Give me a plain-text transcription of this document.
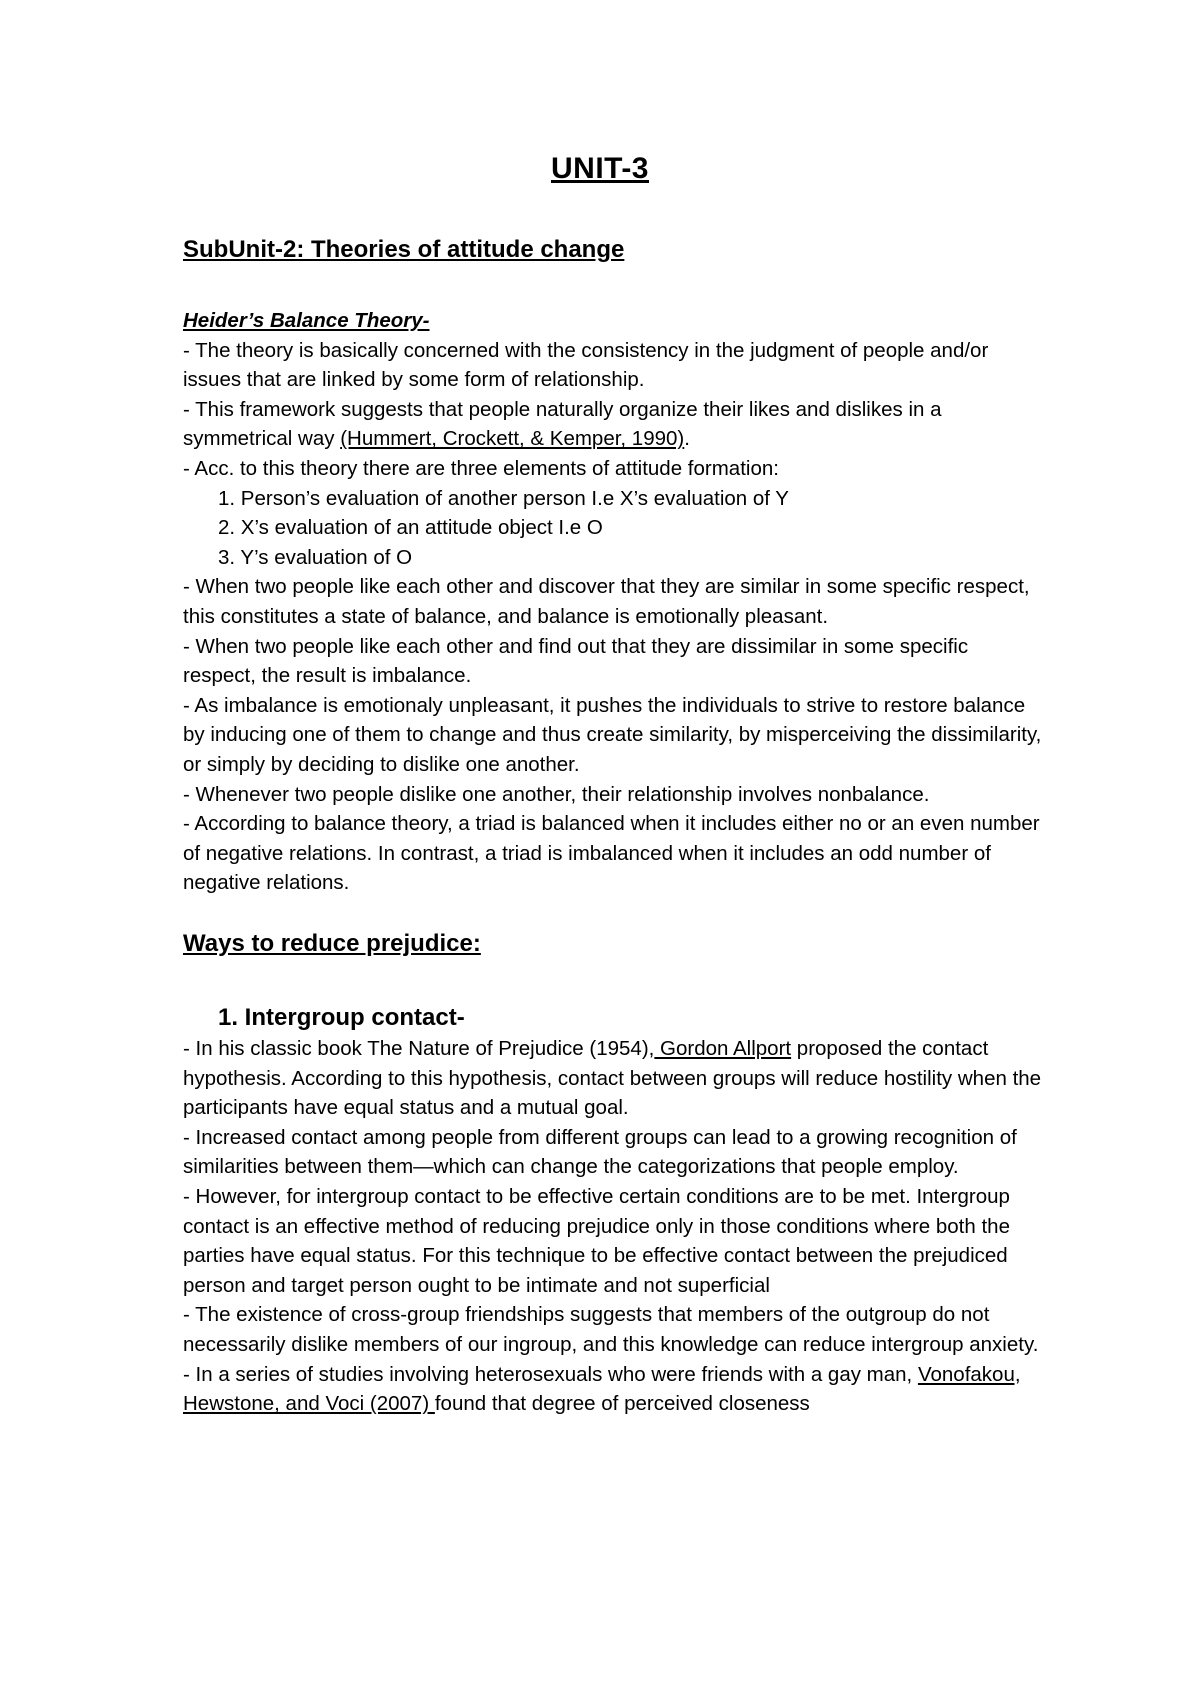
UNIT-3
SubUnit-2: Theories of attitude change

Heider’s Balance Theory-

- The theory is basically concerned with the consistency in the judgment of people and/or issues that are linked by some form of relationship.

- This framework suggests that people naturally organize their likes and dislikes in a symmetrical way (Hummert, Crockett, & Kemper, 1990).

- Acc. to this theory there are three elements of attitude formation:

1. Person’s evaluation of another person I.e X’s evaluation of Y

2. X’s evaluation of an attitude object I.e O

3. Y’s evaluation of O

- When two people like each other and discover that they are similar in some specific respect, this constitutes a state of balance, and balance is emotionally pleasant.

- When two people like each other and find out that they are dissimilar in some specific respect, the result is imbalance.

- As imbalance is emotionaly unpleasant, it pushes the individuals to strive to restore balance by inducing one of them to change and thus create similarity, by misperceiving the dissimilarity, or simply by deciding to dislike one another.

- Whenever two people dislike one another, their relationship involves nonbalance.

- According to balance theory, a triad is balanced when it includes either no or an even number of negative relations. In contrast, a triad is imbalanced when it includes an odd number of negative relations.

Ways to reduce prejudice:
1. Intergroup contact-

- In his classic book The Nature of Prejudice (1954), Gordon Allport proposed the contact hypothesis. According to this hypothesis, contact between groups will reduce hostility when the participants have equal status and a mutual goal.

- Increased contact among people from different groups can lead to a growing recognition of similarities between them—which can change the categorizations that people employ.

- However, for intergroup contact to be effective certain conditions are to be met. Intergroup contact is an effective method of reducing prejudice only in those conditions where both the parties have equal status. For this technique to be effective contact between the prejudiced person and target person ought to be intimate and not superficial

- The existence of cross-group friendships suggests that members of the outgroup do not necessarily dislike members of our ingroup, and this knowledge can reduce intergroup anxiety.

- In a series of studies involving heterosexuals who were friends with a gay man, Vonofakou, Hewstone, and Voci (2007) found that degree of perceived closeness
